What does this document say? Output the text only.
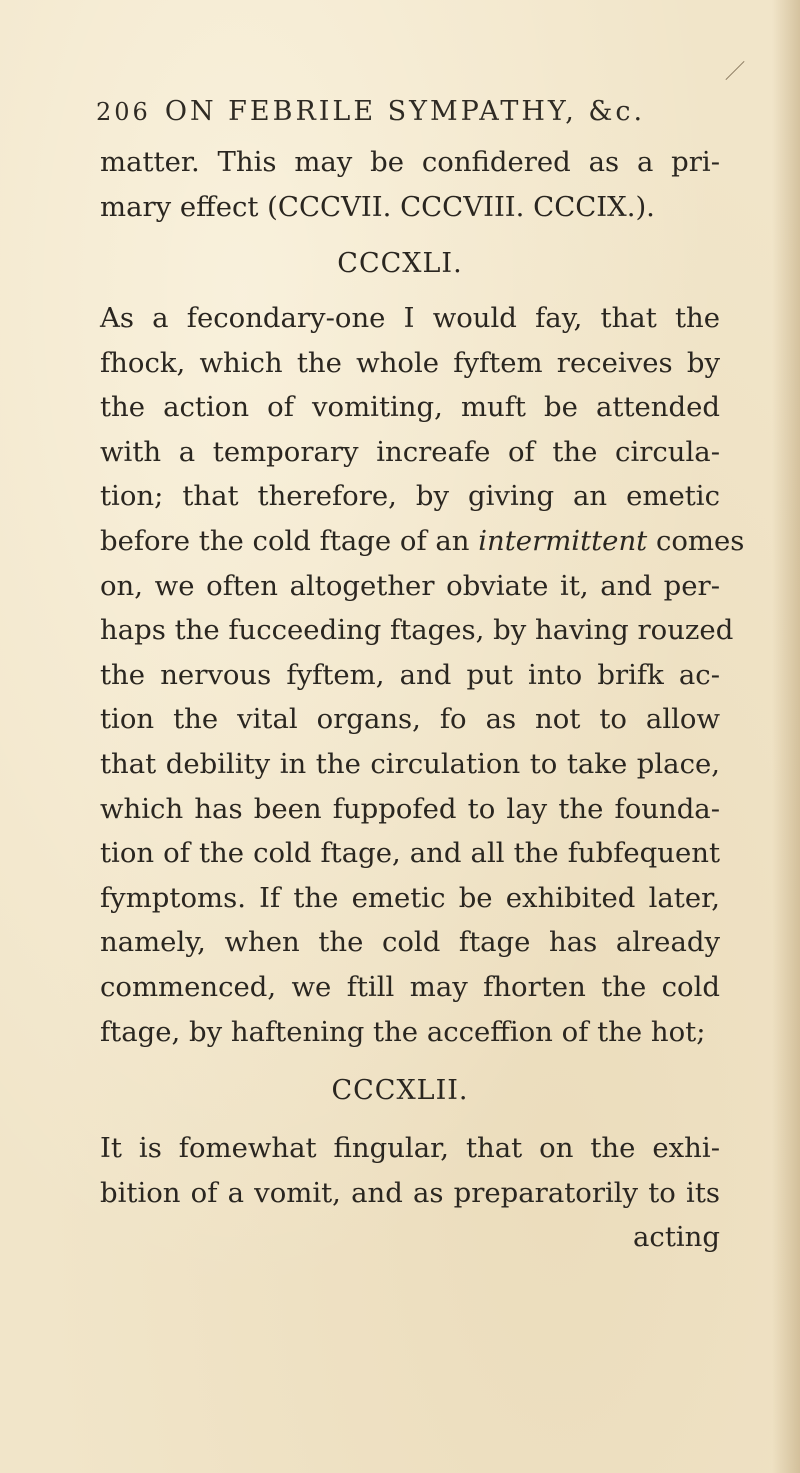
206 ON FEBRILE SYMPATHY, &c.
matter. This may be confidered as a pri-
mary effect (CCCVII. CCCVIII. CCCIX.).
CCCXLI.
As a fecondary-one I would fay, that the
fhock, which the whole fyftem receives by
the action of vomiting, muft be attended
with a temporary increafe of the circula-
tion; that therefore, by giving an emetic
before the cold ftage of an intermittent comes
on, we often altogether obviate it, and per-
haps the fucceeding ftages, by having rouzed
the nervous fyftem, and put into brifk ac-
tion the vital organs, fo as not to allow
that debility in the circulation to take place,
which has been fuppofed to lay the founda-
tion of the cold ftage, and all the fubfequent
fymptoms. If the emetic be exhibited later,
namely, when the cold ftage has already
commenced, we ftill may fhorten the cold
ftage, by haftening the acceffion of the hot;
CCCXLII.
It is fomewhat fingular, that on the exhi-
bition of a vomit, and as preparatorily to its
acting
